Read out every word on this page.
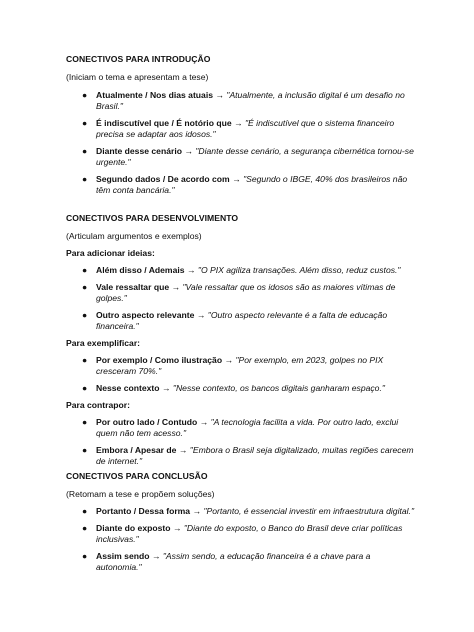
CONECTIVOS PARA INTRODUÇÃO

(Iniciam o tema e apresentam a tese)

● Atualmente / Nos dias atuais → "Atualmente, a inclusão digital é um desafio no Brasil."
● É indiscutível que / É notório que → "É indiscutível que o sistema financeiro precisa se adaptar aos idosos."
● Diante desse cenário → "Diante desse cenário, a segurança cibernética tornou-se urgente."
● Segundo dados / De acordo com → "Segundo o IBGE, 40% dos brasileiros não têm conta bancária."
CONECTIVOS PARA DESENVOLVIMENTO

(Articulam argumentos e exemplos)

Para adicionar ideias:

● Além disso / Ademais → "O PIX agiliza transações. Além disso, reduz custos."
● Vale ressaltar que → "Vale ressaltar que os idosos são as maiores vítimas de golpes."
● Outro aspecto relevante → "Outro aspecto relevante é a falta de educação financeira."

Para exemplificar:

● Por exemplo / Como ilustração → "Por exemplo, em 2023, golpes no PIX cresceram 70%."
● Nesse contexto → "Nesse contexto, os bancos digitais ganharam espaço."

Para contrapor:

● Por outro lado / Contudo → "A tecnologia facilita a vida. Por outro lado, exclui quem não tem acesso."
● Embora / Apesar de → "Embora o Brasil seja digitalizado, muitas regiões carecem de internet."
CONECTIVOS PARA CONCLUSÃO

(Retomam a tese e propõem soluções)

● Portanto / Dessa forma → "Portanto, é essencial investir em infraestrutura digital."
● Diante do exposto → "Diante do exposto, o Banco do Brasil deve criar políticas inclusivas."
● Assim sendo → "Assim sendo, a educação financeira é a chave para a autonomia."
